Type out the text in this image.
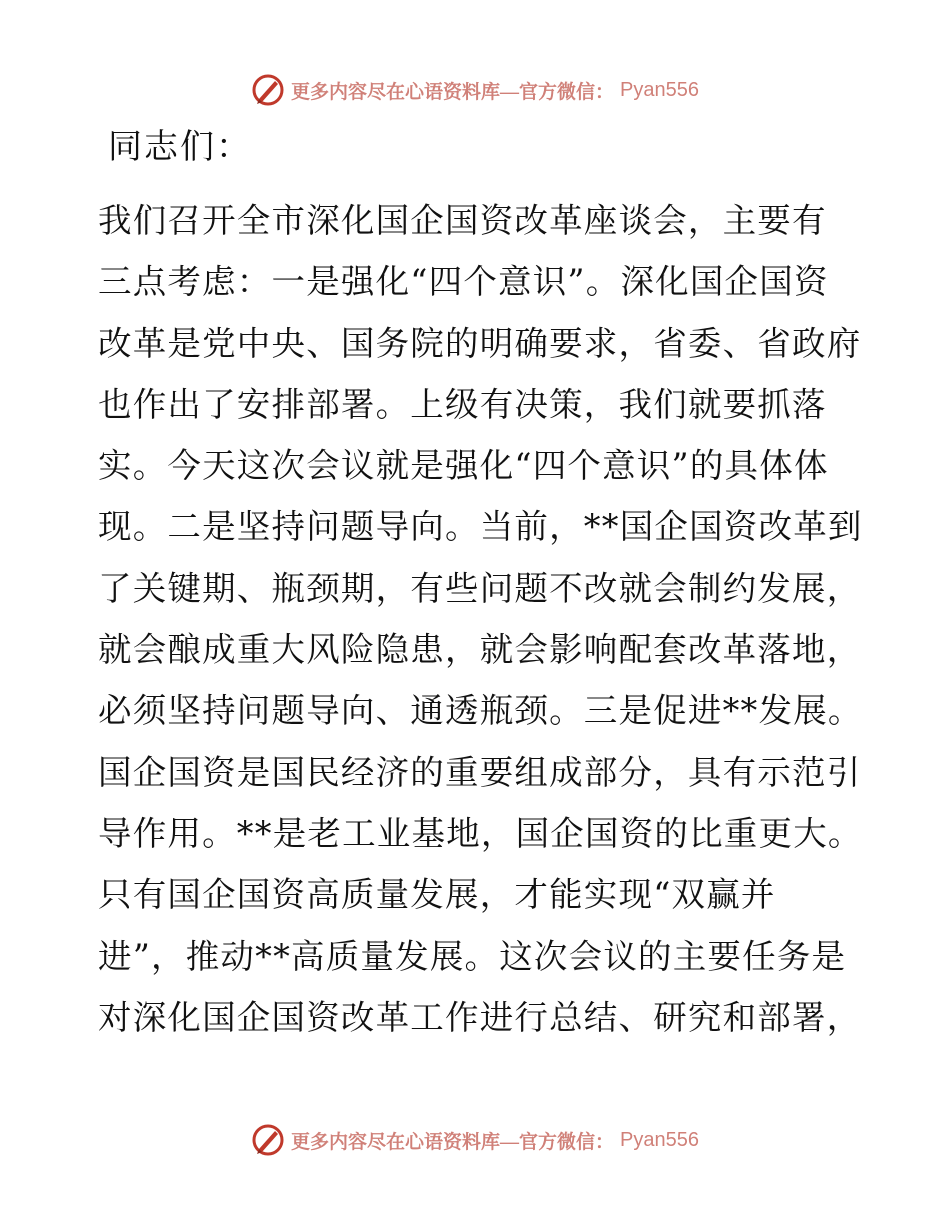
更多内容尽在心语资料库—官方微信： Pyan556
同志们：
我们召开全市深化国企国资改革座谈会，主要有
三点考虑：一是强化“四个意识”。深化国企国资
改革是党中央、国务院的明确要求，省委、省政府
也作出了安排部署。上级有决策，我们就要抓落
实。今天这次会议就是强化“四个意识”的具体体
现。二是坚持问题导向。当前，**国企国资改革到
了关键期、瓶颈期，有些问题不改就会制约发展，
就会酿成重大风险隐患，就会影响配套改革落地，
必须坚持问题导向、通透瓶颈。三是促进**发展。
国企国资是国民经济的重要组成部分，具有示范引
导作用。**是老工业基地，国企国资的比重更大。
只有国企国资高质量发展，才能实现“双赢并
进”，推动**高质量发展。这次会议的主要任务是
对深化国企国资改革工作进行总结、研究和部署，
更多内容尽在心语资料库—官方微信： Pyan556
